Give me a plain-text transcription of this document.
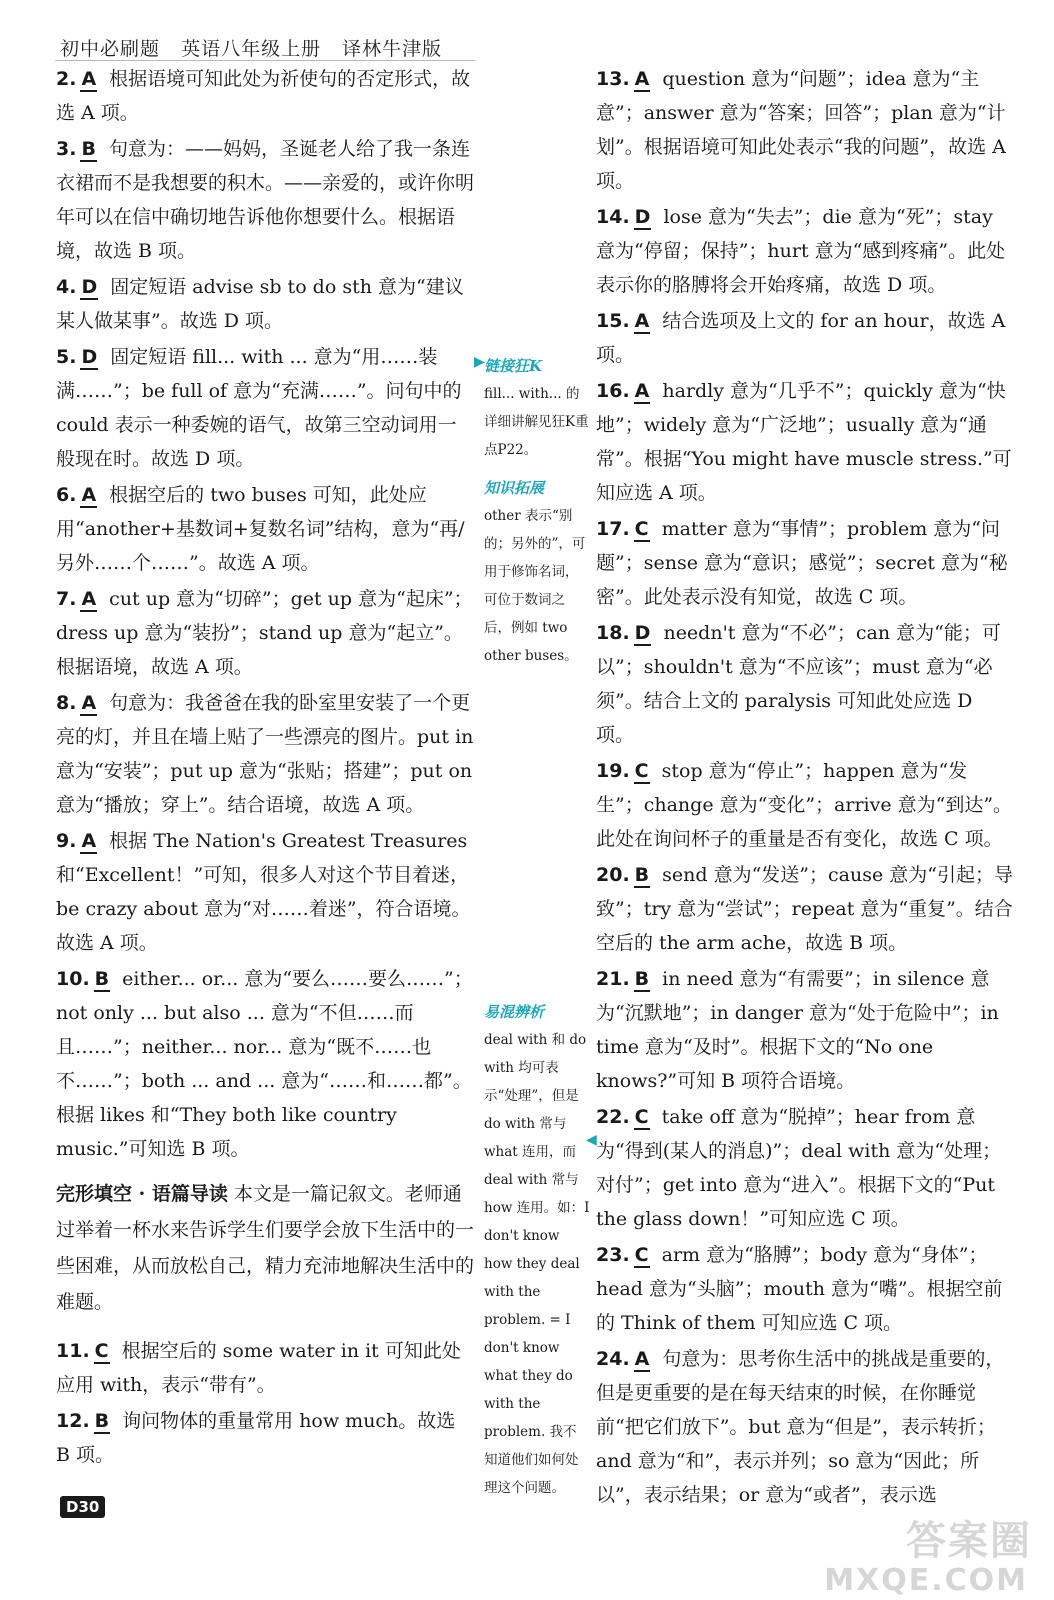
初中必刷题 英语八年级上册 译林牛津版
2. A 根据语境可知此处为祈使句的否定形式，故选 A 项。
3. B 句意为：——妈妈，圣诞老人给了我一条连衣裙而不是我想要的积木。——亲爱的，或许你明年可以在信中确切地告诉他你想要什么。根据语境，故选 B 项。
4. D 固定短语 advise sb to do sth 意为“建议某人做某事”。故选 D 项。
5. D 固定短语 fill... with ... 意为“用……装满……”；be full of 意为“充满……”。问句中的 could 表示一种委婉的语气，故第三空动词用一般现在时。故选 D 项。
6. A 根据空后的 two buses 可知，此处应用“another+基数词+复数名词”结构，意为“再/另外……个……”。故选 A 项。
7. A cut up 意为“切碎”；get up 意为“起床”；dress up 意为“装扮”；stand up 意为“起立”。根据语境，故选 A 项。
8. A 句意为：我爸爸在我的卧室里安装了一个更亮的灯，并且在墙上贴了一些漂亮的图片。put in 意为“安装”；put up 意为“张贴；搭建”；put on 意为“播放；穿上”。结合语境，故选 A 项。
9. A 根据 The Nation's Greatest Treasures 和“Excellent！”可知，很多人对这个节目着迷，be crazy about 意为“对……着迷”，符合语境。故选 A 项。
10. B either... or... 意为“要么……要么……”；not only ... but also ... 意为“不但……而且……”；neither... nor... 意为“既不……也不……”；both ... and ... 意为“……和……都”。根据 likes 和“They both like country music.”可知选 B 项。
完形填空 · 语篇导读 本文是一篇记叙文。老师通过举着一杯水来告诉学生们要学会放下生活中的一些困难，从而放松自己，精力充沛地解决生活中的难题。
11. C 根据空后的 some water in it 可知此处应用 with，表示“带有”。
12. B 询问物体的重量常用 how much。故选 B 项。
链接狂K
fill... with... 的详细讲解见狂K重点P22。
知识拓展
other 表示“别的；另外的”，可用于修饰名词，可位于数词之后，例如 two other buses。
易混辨析
deal with 和 do with 均可表示“处理”，但是 do with 常与 what 连用，而 deal with 常与 how 连用。如：I don't know how they deal with the problem. = I don't know what they do with the problem. 我不知道他们如何处理这个问题。
▶
◀
13. A question 意为“问题”；idea 意为“主意”；answer 意为“答案；回答”；plan 意为“计划”。根据语境可知此处表示“我的问题”，故选 A 项。
14. D lose 意为“失去”；die 意为“死”；stay 意为“停留；保持”；hurt 意为“感到疼痛”。此处表示你的胳膊将会开始疼痛，故选 D 项。
15. A 结合选项及上文的 for an hour，故选 A 项。
16. A hardly 意为“几乎不”；quickly 意为“快地”；widely 意为“广泛地”；usually 意为“通常”。根据“You might have muscle stress.”可知应选 A 项。
17. C matter 意为“事情”；problem 意为“问题”；sense 意为“意识；感觉”；secret 意为“秘密”。此处表示没有知觉，故选 C 项。
18. D needn't 意为“不必”；can 意为“能；可以”；shouldn't 意为“不应该”；must 意为“必须”。结合上文的 paralysis 可知此处应选 D 项。
19. C stop 意为“停止”；happen 意为“发生”；change 意为“变化”；arrive 意为“到达”。此处在询问杯子的重量是否有变化，故选 C 项。
20. B send 意为“发送”；cause 意为“引起；导致”；try 意为“尝试”；repeat 意为“重复”。结合空后的 the arm ache，故选 B 项。
21. B in need 意为“有需要”；in silence 意为“沉默地”；in danger 意为“处于危险中”；in time 意为“及时”。根据下文的“No one knows?”可知 B 项符合语境。
22. C take off 意为“脱掉”；hear from 意为“得到(某人的消息)”；deal with 意为“处理；对付”；get into 意为“进入”。根据下文的“Put the glass down！”可知应选 C 项。
23. C arm 意为“胳膊”；body 意为“身体”；head 意为“头脑”；mouth 意为“嘴”。根据空前的 Think of them 可知应选 C 项。
24. A 句意为：思考你生活中的挑战是重要的，但是更重要的是在每天结束的时候，在你睡觉前“把它们放下”。but 意为“但是”，表示转折；and 意为“和”，表示并列；so 意为“因此；所以”，表示结果；or 意为“或者”，表示选
D30
答案圈
MXQE.COM
